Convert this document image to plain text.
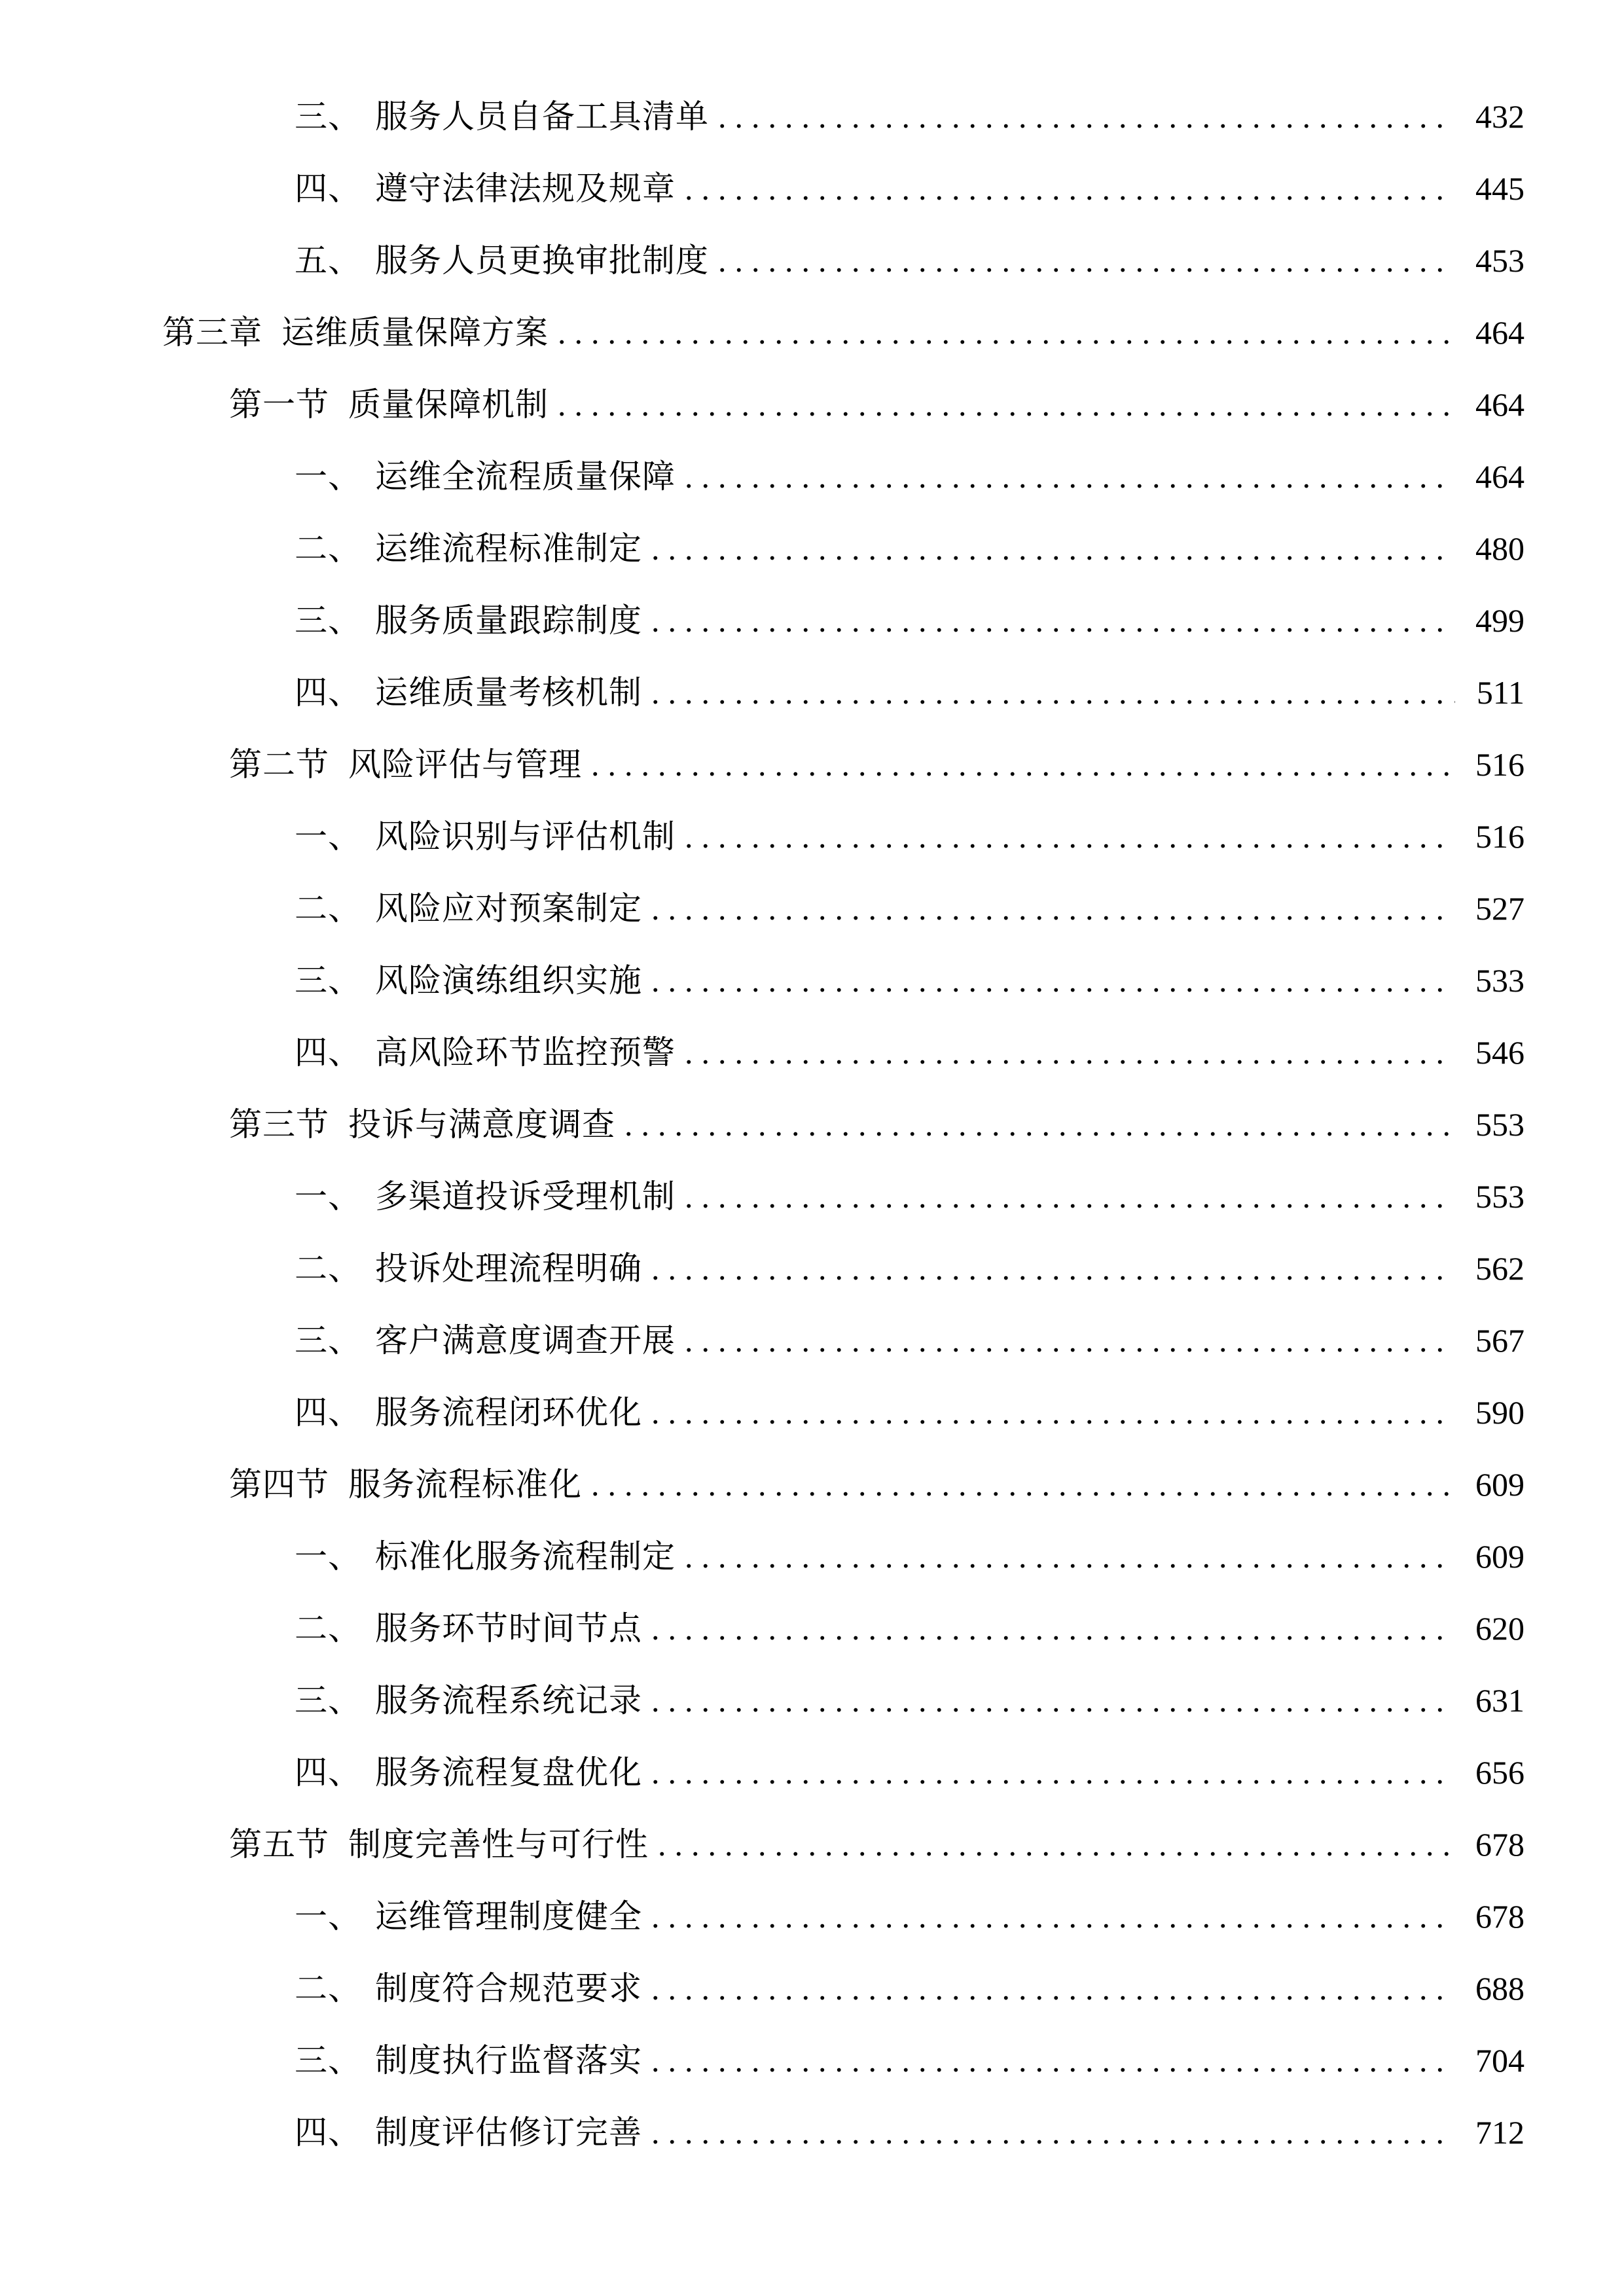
三、 服务人员自备工具清单 .....	432
四、 遵守法律法规及规章 .....	445
五、 服务人员更换审批制度 .....	453
第三章 运维质量保障方案 .....	464
第一节 质量保障机制 .....	464
一、 运维全流程质量保障 .....	464
二、 运维流程标准制定 .....	480
三、 服务质量跟踪制度 .....	499
四、 运维质量考核机制 .....	511
第二节 风险评估与管理 .....	516
一、 风险识别与评估机制 .....	516
二、 风险应对预案制定 .....	527
三、 风险演练组织实施 .....	533
四、 高风险环节监控预警 .....	546
第三节 投诉与满意度调查 .....	553
一、 多渠道投诉受理机制 .....	553
二、 投诉处理流程明确 .....	562
三、 客户满意度调查开展 .....	567
四、 服务流程闭环优化 .....	590
第四节 服务流程标准化 .....	609
一、 标准化服务流程制定 .....	609
二、 服务环节时间节点 .....	620
三、 服务流程系统记录 .....	631
四、 服务流程复盘优化 .....	656
第五节 制度完善性与可行性 .....	678
一、 运维管理制度健全 .....	678
二、 制度符合规范要求 .....	688
三、 制度执行监督落实 .....	704
四、 制度评估修订完善 .....	712
